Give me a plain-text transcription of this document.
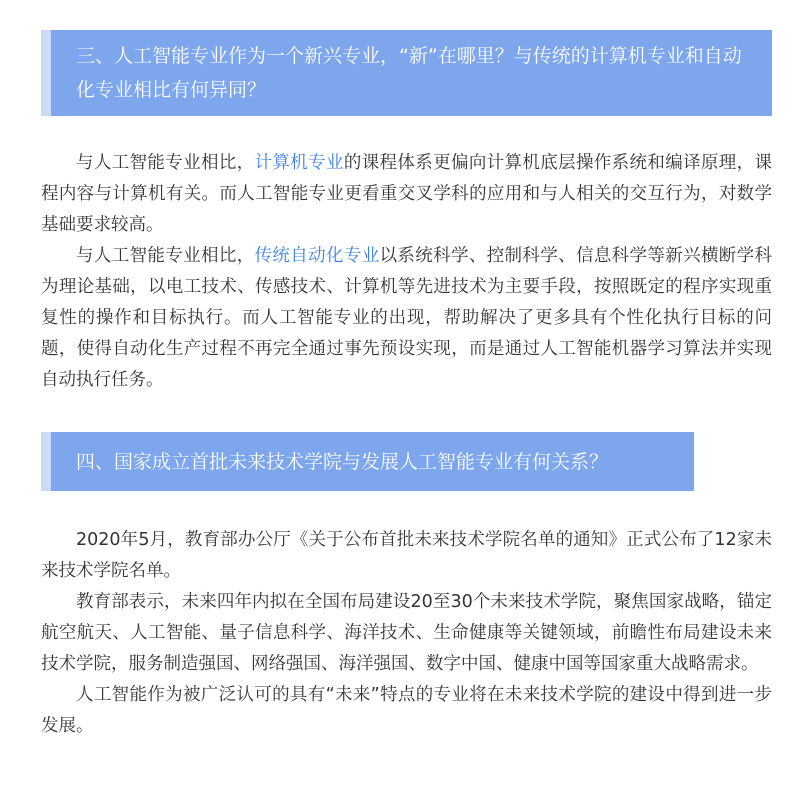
三、人工智能专业作为一个新兴专业，“新”在哪里？与传统的计算机专业和自动化专业相比有何异同？

与人工智能专业相比，计算机专业的课程体系更偏向计算机底层操作系统和编译原理，课程内容与计算机有关。而人工智能专业更看重交叉学科的应用和与人相关的交互行为，对数学基础要求较高。

与人工智能专业相比，传统自动化专业以系统科学、控制科学、信息科学等新兴横断学科为理论基础，以电工技术、传感技术、计算机等先进技术为主要手段，按照既定的程序实现重复性的操作和目标执行。而人工智能专业的出现，帮助解决了更多具有个性化执行目标的问题，使得自动化生产过程不再完全通过事先预设实现，而是通过人工智能机器学习算法并实现自动执行任务。

四、国家成立首批未来技术学院与发展人工智能专业有何关系？

2020年5月，教育部办公厅《关于公布首批未来技术学院名单的通知》正式公布了12家未来技术学院名单。

教育部表示，未来四年内拟在全国布局建设20至30个未来技术学院，聚焦国家战略，锚定航空航天、人工智能、量子信息科学、海洋技术、生命健康等关键领域，前瞻性布局建设未来技术学院，服务制造强国、网络强国、海洋强国、数字中国、健康中国等国家重大战略需求。

人工智能作为被广泛认可的具有“未来”特点的专业将在未来技术学院的建设中得到进一步发展。
